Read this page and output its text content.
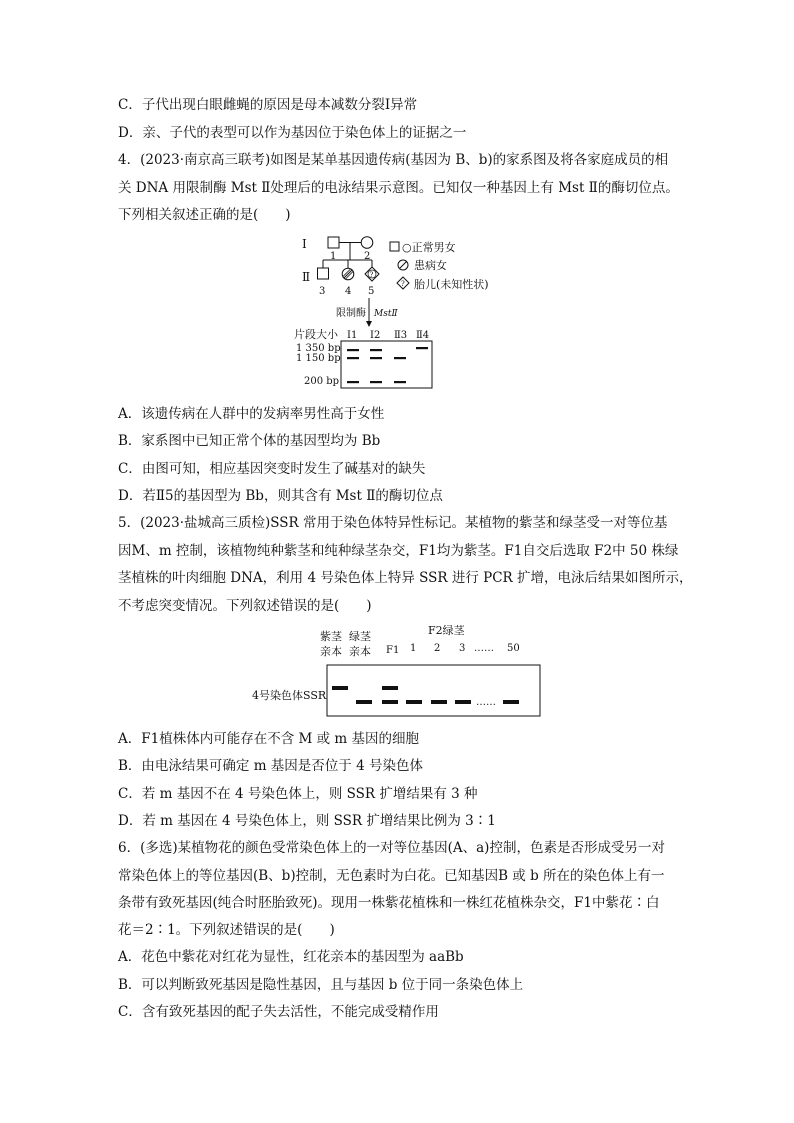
C．子代出现白眼雌蝇的原因是母本减数分裂Ⅰ异常
D．亲、子代的表型可以作为基因位于染色体上的证据之一
4．(2023·南京高三联考)如图是某单基因遗传病(基因为 B、b)的家系图及将各家庭成员的相
关 DNA 用限制酶 Mst Ⅱ处理后的电泳结果示意图。已知仅一种基因上有 Mst Ⅱ的酶切位点。
下列相关叙述正确的是(　　)
Ⅰ
Ⅱ
1	2
?
3 4 5
○正常男女
患病女
? 胎儿(未知性状)
限制酶 MstⅡ
片段大小 Ⅰ1 Ⅰ2 Ⅱ3 Ⅱ4
1 350 bp
1 150 bp
200 bp
A．该遗传病在人群中的发病率男性高于女性
B．家系图中已知正常个体的基因型均为 Bb
C．由图可知，相应基因突变时发生了碱基对的缺失
D．若Ⅱ5的基因型为 Bb，则其含有 Mst Ⅱ的酶切位点
5．(2023·盐城高三质检)SSR 常用于染色体特异性标记。某植物的紫茎和绿茎受一对等位基
因M、m 控制，该植物纯种紫茎和纯种绿茎杂交，F1均为紫茎。F1自交后选取 F2中 50 株绿
茎植株的叶肉细胞 DNA，利用 4 号染色体上特异 SSR 进行 PCR 扩增，电泳后结果如图所示，
不考虑突变情况。下列叙述错误的是(　　)
紫茎
亲本
绿茎
亲本
F2绿茎
F1 1 2 3 …… 50
4号染色体SSR
……
A．F1植株体内可能存在不含 M 或 m 基因的细胞
B．由电泳结果可确定 m 基因是否位于 4 号染色体
C．若 m 基因不在 4 号染色体上，则 SSR 扩增结果有 3 种
D．若 m 基因在 4 号染色体上，则 SSR 扩增结果比例为 3∶1
6．(多选)某植物花的颜色受常染色体上的一对等位基因(A、a)控制，色素是否形成受另一对
常染色体上的等位基因(B、b)控制，无色素时为白花。已知基因B 或 b 所在的染色体上有一
条带有致死基因(纯合时胚胎致死)。现用一株紫花植株和一株红花植株杂交，F1中紫花∶白
花＝2∶1。下列叙述错误的是(　　)
A．花色中紫花对红花为显性，红花亲本的基因型为 aaBb
B．可以判断致死基因是隐性基因，且与基因 b 位于同一条染色体上
C．含有致死基因的配子失去活性，不能完成受精作用
